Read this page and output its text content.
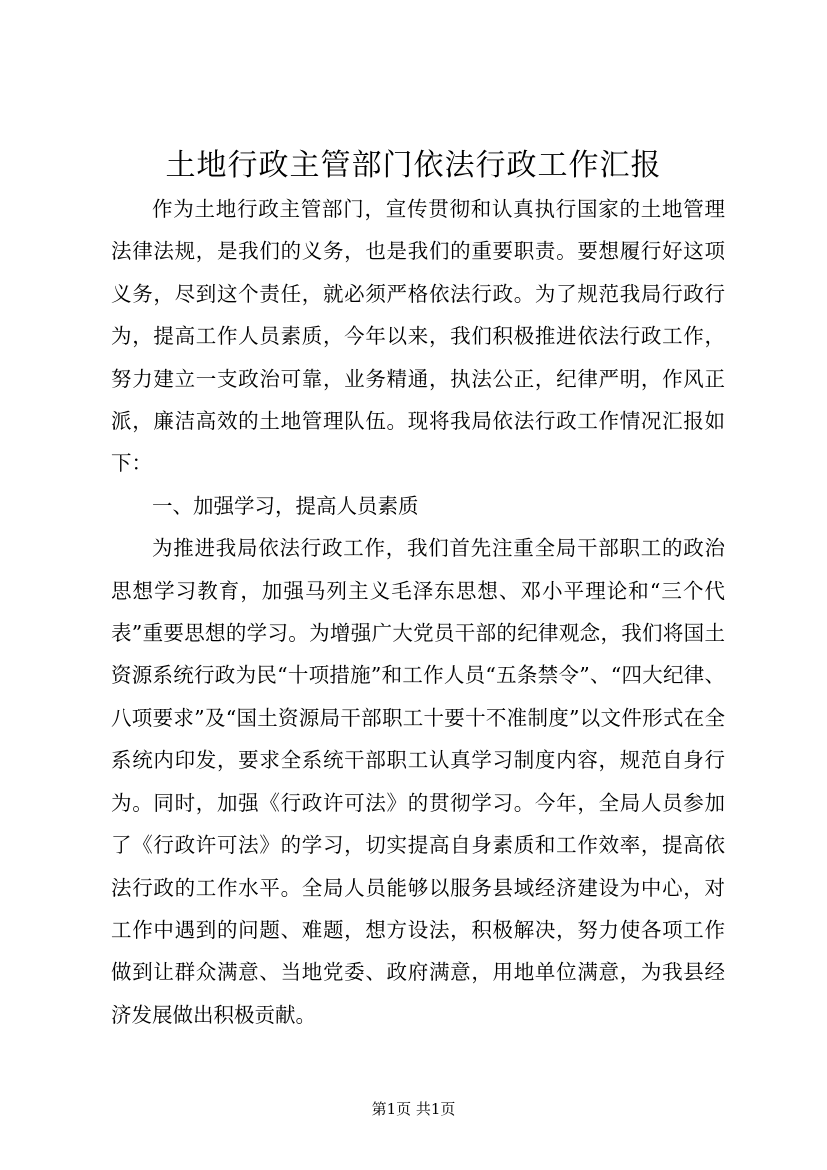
土地行政主管部门依法行政工作汇报

作为土地行政主管部门，宣传贯彻和认真执行国家的土地管理法律法规，是我们的义务，也是我们的重要职责。要想履行好这项义务，尽到这个责任，就必须严格依法行政。为了规范我局行政行为，提高工作人员素质，今年以来，我们积极推进依法行政工作，努力建立一支政治可靠，业务精通，执法公正，纪律严明，作风正派，廉洁高效的土地管理队伍。现将我局依法行政工作情况汇报如下：

一、加强学习，提高人员素质

为推进我局依法行政工作，我们首先注重全局干部职工的政治思想学习教育，加强马列主义毛泽东思想、邓小平理论和“三个代表”重要思想的学习。为增强广大党员干部的纪律观念，我们将国土资源系统行政为民“十项措施”和工作人员“五条禁令”、“四大纪律、八项要求”及“国土资源局干部职工十要十不准制度”以文件形式在全系统内印发，要求全系统干部职工认真学习制度内容，规范自身行为。同时，加强《行政许可法》的贯彻学习。今年，全局人员参加了《行政许可法》的学习，切实提高自身素质和工作效率，提高依法行政的工作水平。全局人员能够以服务县域经济建设为中心，对工作中遇到的问题、难题，想方设法，积极解决，努力使各项工作做到让群众满意、当地党委、政府满意，用地单位满意，为我县经济发展做出积极贡献。

第1页 共1页
